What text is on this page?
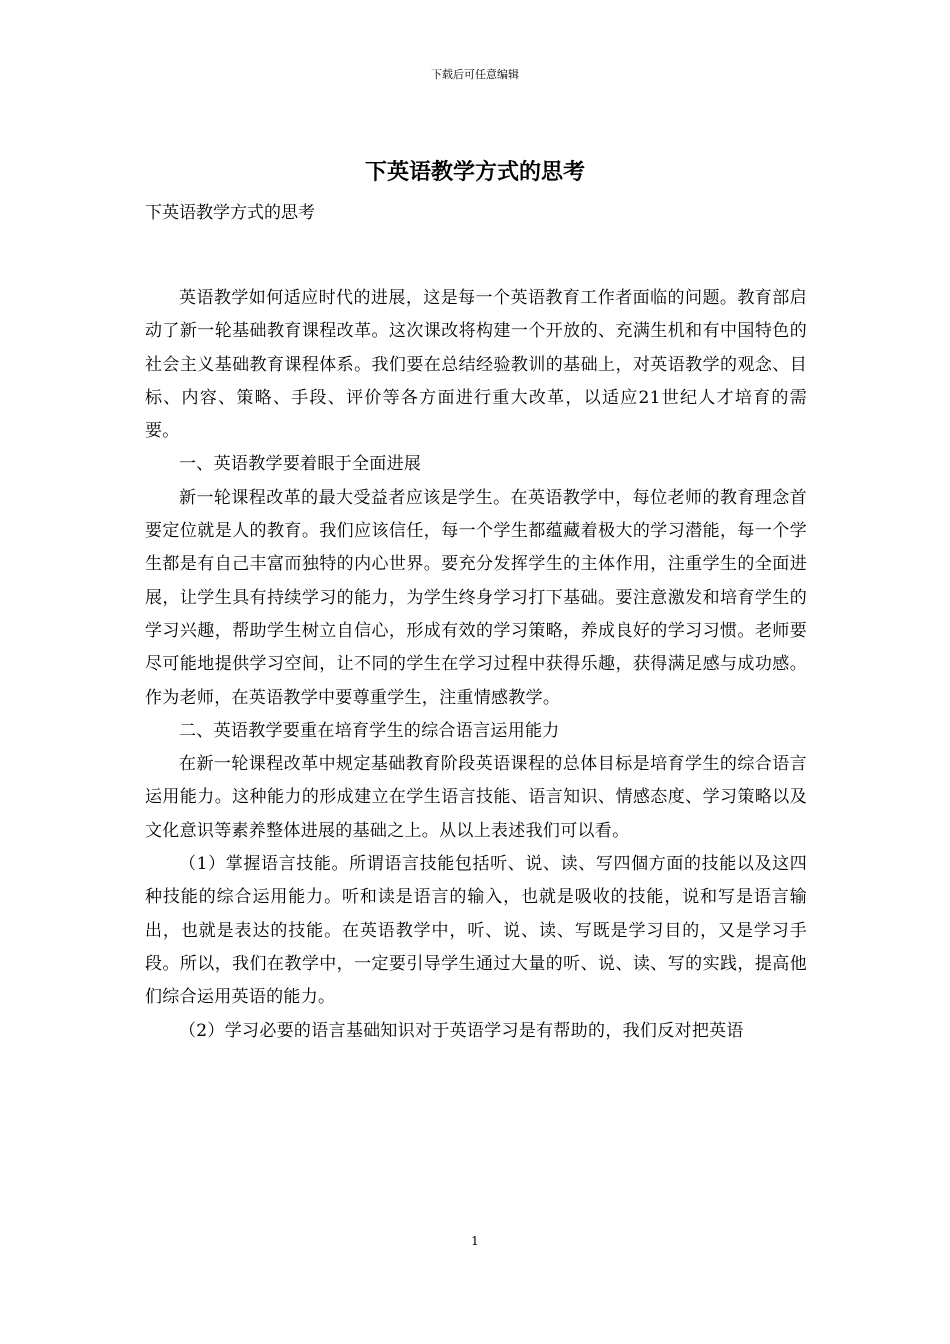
下载后可任意编辑
下英语教学方式的思考

下英语教学方式的思考

英语教学如何适应时代的进展，这是每一个英语教育工作者面临的问题。教育部启动了新一轮基础教育课程改革。这次课改将构建一个开放的、充满生机和有中国特色的社会主义基础教育课程体系。我们要在总结经验教训的基础上，对英语教学的观念、目标、内容、策略、手段、评价等各方面进行重大改革，以适应21世纪人才培育的需要。

一、英语教学要着眼于全面进展

新一轮课程改革的最大受益者应该是学生。在英语教学中，每位老师的教育理念首要定位就是人的教育。我们应该信任，每一个学生都蕴藏着极大的学习潜能，每一个学生都是有自己丰富而独特的内心世界。要充分发挥学生的主体作用，注重学生的全面进展，让学生具有持续学习的能力，为学生终身学习打下基础。要注意激发和培育学生的学习兴趣，帮助学生树立自信心，形成有效的学习策略，养成良好的学习习惯。老师要尽可能地提供学习空间，让不同的学生在学习过程中获得乐趣，获得满足感与成功感。作为老师，在英语教学中要尊重学生，注重情感教学。

二、英语教学要重在培育学生的综合语言运用能力

在新一轮课程改革中规定基础教育阶段英语课程的总体目标是培育学生的综合语言运用能力。这种能力的形成建立在学生语言技能、语言知识、情感态度、学习策略以及文化意识等素养整体进展的基础之上。从以上表述我们可以看。

（1）掌握语言技能。所谓语言技能包括听、说、读、写四個方面的技能以及这四种技能的综合运用能力。听和读是语言的输入，也就是吸收的技能，说和写是语言输出，也就是表达的技能。在英语教学中，听、说、读、写既是学习目的，又是学习手段。所以，我们在教学中，一定要引导学生通过大量的听、说、读、写的实践，提高他们综合运用英语的能力。

（2）学习必要的语言基础知识对于英语学习是有帮助的，我们反对把英语

1
